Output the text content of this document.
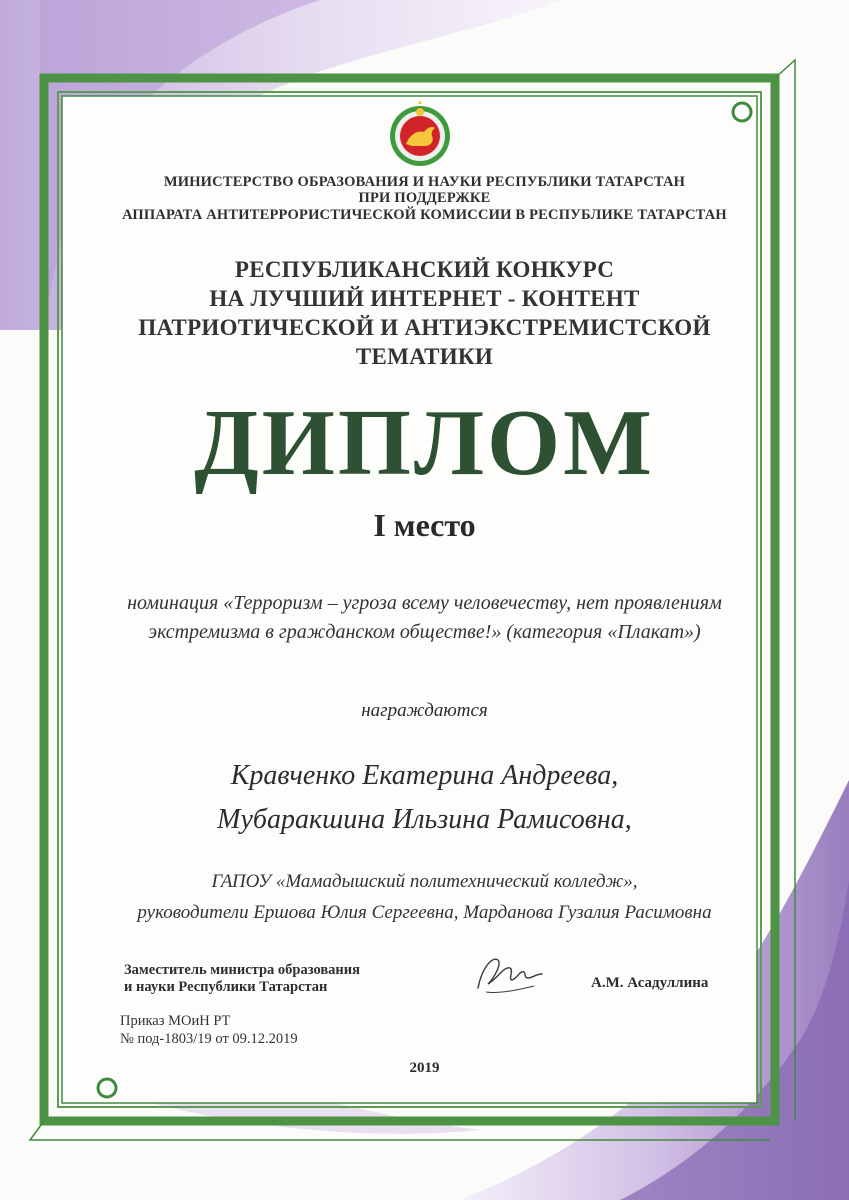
МИНИСТЕРСТВО ОБРАЗОВАНИЯ И НАУКИ РЕСПУБЛИКИ ТАТАРСТАН
ПРИ ПОДДЕРЖКЕ
АППАРАТА АНТИТЕРРОРИСТИЧЕСКОЙ КОМИССИИ В РЕСПУБЛИКЕ ТАТАРСТАН
РЕСПУБЛИКАНСКИЙ КОНКУРС
НА ЛУЧШИЙ ИНТЕРНЕТ - КОНТЕНТ
ПАТРИОТИЧЕСКОЙ И АНТИЭКСТРЕМИСТСКОЙ
ТЕМАТИКИ
ДИПЛОМ
I место
номинация «Терроризм – угроза всему человечеству, нет проявлениям
экстремизма в гражданском обществе!» (категория «Плакат»)
награждаются
Кравченко Екатерина Андреева,
Мубаракшина Ильзина Рамисовна,
ГАПОУ «Мамадышский политехнический колледж»,
руководители Ершова Юлия Сергеевна, Марданова Гузалия Расимовна
Заместитель министра образования
и науки Республики Татарстан	А.М. Асадуллина
Приказ МОиН РТ
№ под-1803/19 от 09.12.2019
2019
